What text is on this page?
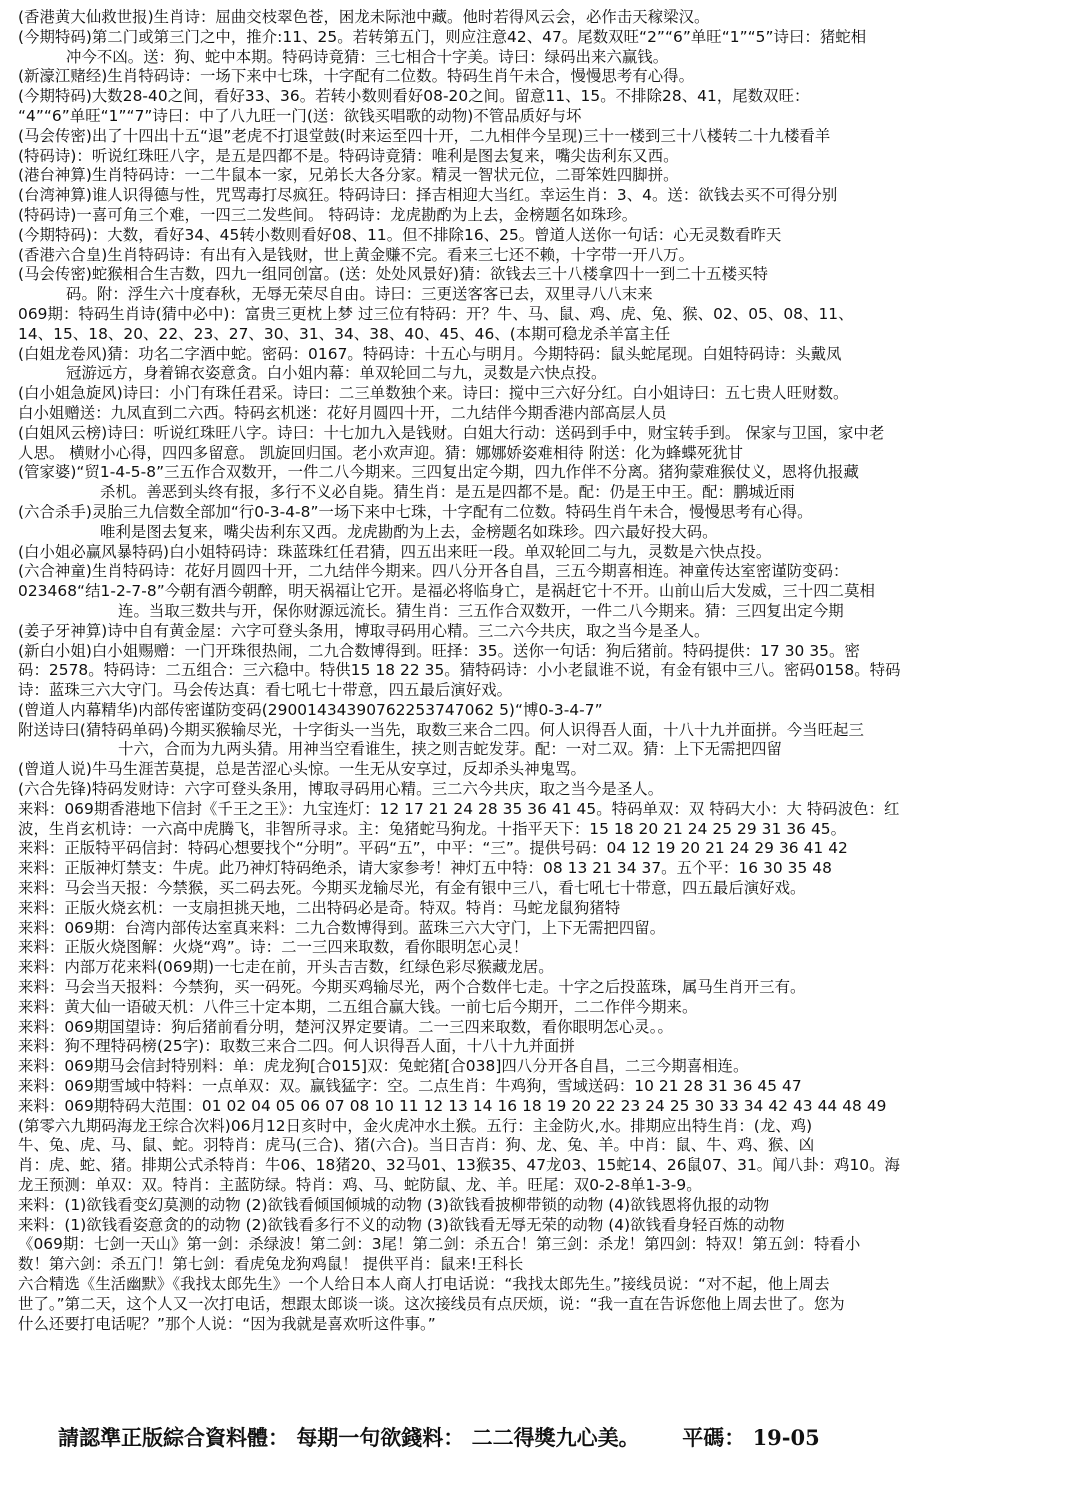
(香港黄大仙救世报)生肖诗：屈曲交枝翠色苍，困龙未际池中藏。他时若得风云会，必作击天稼梁汉。
(今期特码)第二门或第三门之中，推介:11、25。若转第五门，则应注意42、47。尾数双旺“2”“6”单旺“1”“5”诗曰：猪蛇相
冲今不凶。送：狗、蛇中本期。特码诗竟猜：三七相合十字美。诗曰：绿码出来六赢钱。
(新濠江赌经)生肖特码诗：一场下来中七珠，十字配有二位数。特码生肖午未合，慢慢思考有心得。
(今期特码)大数28-40之间，看好33、36。若转小数则看好08-20之间。留意11、15。不排除28、41，尾数双旺：
“4”“6”单旺“1”“7”诗曰：中了八九旺一门(送：欲钱买唱歌的动物)不管品质好与坏
(马会传密)出了十四出十五“退”老虎不打退堂鼓(时来运至四十开，二九相伴今呈现)三十一楼到三十八楼转二十九楼看羊
(特码诗)：听说红珠旺八字，是五是四都不是。特码诗竟猜：唯利是图去复来，嘴尖齿利东又西。
(港台神算)生肖特码诗：一二牛鼠本一家，兄弟长大各分家。精灵一智状元位，二哥笨姓四脚拼。
(台湾神算)谁人识得德与性，咒骂毒打尽疯狂。特码诗曰：择吉相迎大当红。幸运生肖：3、4。送：欲钱去买不可得分别
(特码诗)一喜可角三个难，一四三二发些间。 特码诗：龙虎勘酌为上去，金榜题名如珠珍。
(今期特码)：大数，看好34、45转小数则看好08、11。但不排除16、25。曾道人送你一句话：心无灵数看昨天
(香港六合皇)生肖特码诗：有出有入是钱财，世上黄金赚不完。看来三七还不赖，十字带一开八万。
(马会传密)蛇猴相合生吉数，四九一组同创富。(送：处处风景好)猜：欲钱去三十八楼拿四十一到二十五楼买特
码。附：浮生六十度春秋，无辱无荣尽自由。诗曰：三更送客客已去，双里寻八八末来
069期：特码生肖诗(猜中必中)：富贵三更枕上梦 过三位有特码：开？牛、马、鼠、鸡、虎、兔、猴、02、05、08、11、
14、15、18、20、22、23、27、30、31、34、38、40、45、46、(本期可稳龙杀羊富主任
(白姐龙卷风)猜：功名二字酒中蛇。密码：0167。特码诗：十五心与明月。今期特码：鼠头蛇尾现。白姐特码诗：头戴凤
冠游远方，身着锦衣姿意贪。白小姐内幕：单双轮回二与九，灵数是六快点投。
(白小姐急旋风)诗曰：小门有珠任君采。诗曰：二三单数独个来。诗曰：搅中三六好分红。白小姐诗曰：五七贵人旺财数。
白小姐赠送：九凤直到二六西。特码玄机迷：花好月圆四十开，二九结伴今期香港内部高层人员
(白姐风云榜)诗曰：听说红珠旺八字。诗曰：十七加九入是钱财。白姐大行动：送码到手中，财宝转手到。 保家与卫国，家中老
人思。 横财小心得，四四多留意。 凯旋回归国。老小欢声迎。猜：娜娜娇姿难相待 附送：化为蜂蝶死犹甘
(管家婆)“贸1-4-5-8”三五作合双数开，一件二八今期来。三四复出定今期，四九作伴不分离。猪狗蒙难猴仗义，恩将仇报藏
杀机。善恶到头终有报，多行不义必自毙。猜生肖：是五是四都不是。配：仍是王中王。配：鹏城近雨
(六合杀手)灵胎三九信数全部加“行0-3-4-8”一场下来中七珠，十字配有二位数。特码生肖午未合，慢慢思考有心得。
唯利是图去复来，嘴尖齿利东又西。龙虎勘酌为上去，金榜题名如珠珍。四六最好投大码。
(白小姐必赢风暴特码)白小姐特码诗：珠蓝珠红任君猜，四五出来旺一段。单双轮回二与九，灵数是六快点投。
(六合神童)生肖特码诗：花好月圆四十开，二九结伴今期来。四八分开各自昌，三五今期喜相连。神童传达室密谨防变码：
023468“结1-2-7-8”今朝有酒今朝醉，明天祸福让它开。是福必将临身亡，是祸赶它十不开。山前山后大发威，三十四二莫相
连。当取三数共与开，保你财源远流长。猜生肖：三五作合双数开，一件二八今期来。猜：三四复出定今期
(姜子牙神算)诗中自有黄金屋：六字可登头条用，博取寻码用心精。三二六今共庆，取之当今是圣人。
(新白小姐)白小姐赐赠：一门开珠很热闹，二九合数博得到。旺择：35。送你一句话：狗后猪前。特码提供：17 30 35。密
码：2578。特码诗：二五组合：三六稳中。特供15 18 22 35。猜特码诗：小小老鼠谁不说，有金有银中三八。密码0158。特码
诗：蓝珠三六大守门。马会传达真：看七吼七十带意，四五最后演好戏。
(曾道人内幕精华)内部传密谨防变码(29001434390762253747062 5)“博0-3-4-7”
附送诗曰(猜特码单码)今期买猴输尽光，十字街头一当先，取数三来合二四。何人识得吾人面，十八十九并面拼。今当旺起三
十六，合而为九两头猜。用神当空看谁生，挟之则吉蛇发芽。配：一对二双。猜：上下无需把四留
(曾道人说)牛马生涯苦莫提，总是苦涩心头惊。一生无从安享过，反却杀头神鬼骂。
(六合先锋)特码发财诗：六字可登头条用，博取寻码用心精。三二六今共庆，取之当今是圣人。
来料：069期香港地下信封《千王之王》：九宝连灯：12 17 21 24 28 35 36 41 45。特码单双：双 特码大小：大 特码波色：红
波，生肖玄机诗：一六高中虎腾飞，非智所寻求。主：兔猪蛇马狗龙。十指平天下：15 18 20 21 24 25 29 31 36 45。
来料：正版特平码信封：特码心想要找个“分明”。平码“五”，中平：“三”。提供号码：04 12 19 20 21 24 29 36 41 42
来料：正版神灯禁支：牛虎。此乃神灯特码绝杀，请大家参考！神灯五中特：08 13 21 34 37。五个平：16 30 35 48
来料：马会当天报：今禁猴，买二码去死。今期买龙输尽光，有金有银中三八，看七吼七十带意，四五最后演好戏。
来料：正版火烧玄机：一支扇担挑天地，二出特码必是奇。特双。特肖：马蛇龙鼠狗猪特
来料：069期：台湾内部传达室真来料：二九合数博得到。蓝珠三六大守门，上下无需把四留。
来料：正版火烧图解：火烧“鸡”。诗：二一三四来取数，看你眼明怎心灵！
来料：内部万花来料(069期)一七走在前，开头吉吉数，红绿色彩尽猴藏龙居。
来料：马会当天报料：今禁狗，买一码死。今期买鸡输尽光，两个合数伴七走。十字之后投蓝珠，属马生肖开三有。
来料：黄大仙一语破天机：八件三十定本期，二五组合赢大钱。一前七后今期开，二二作伴今期来。
来料：069期国望诗：狗后猪前看分明，楚河汉界定要请。二一三四来取数，看你眼明怎心灵。。
来料：狗不理特码榜(25字)：取数三来合二四。何人识得吾人面，十八十九并面拼
来料：069期马会信封特别料：单：虎龙狗[合015]双：兔蛇猪[合038]四八分开各自昌，二三今期喜相连。
来料：069期雪域中特料：一点单双：双。赢钱猛字：空。二点生肖：牛鸡狗，雪域送码：10 21 28 31 36 45 47
来料：069期特码大范围：01 02 04 05 06 07 08 10 11 12 13 14 16 18 19 20 22 23 24 25 30 33 34 42 43 44 48 49
(第零六九期码海龙王综合次料)06月12日亥时中，金火虎冲水土猴。五行：主金防火,水。排期应出特生肖：(龙、鸡)
牛、兔、虎、马、鼠、蛇。羽特肖：虎马(三合)、猪(六合)。当日吉肖：狗、龙、兔、羊。中肖：鼠、牛、鸡、猴、凶
肖：虎、蛇、猪。排期公式杀特肖：牛06、18猪20、32马01、13猴35、47龙03、15蛇14、26鼠07、31。闻八卦：鸡10。海
龙王预测：单双：双。特肖：主蓝防绿。特肖：鸡、马、蛇防鼠、龙、羊。旺尾：双0-2-8单1-3-9。
来料：(1)欲钱看变幻莫测的动物 (2)欲钱看倾国倾城的动物 (3)欲钱看披柳带锁的动物 (4)欲钱恩将仇报的动物
来料：(1)欲钱看姿意贪的的动物 (2)欲钱看多行不义的动物 (3)欲钱看无辱无荣的动物 (4)欲钱看身轻百炼的动物
《069期：七剑一天山》第一剑：杀绿波！第二剑：3尾！第二剑：杀五合！第三剑：杀龙！第四剑：特双！第五剑：特看小
数！第六剑：杀五门！第七剑：看虎兔龙狗鸡鼠！ 提供平肖：鼠来!王科长
六合精选《生活幽默》《我找太郎先生》一个人给日本人商人打电话说：“我找太郎先生。”接线员说：“对不起，他上周去
世了。”第二天，这个人又一次打电话，想跟太郎谈一谈。这次接线员有点厌烦，说：“我一直在告诉您他上周去世了。您为
什么还要打电话呢？”那个人说：“因为我就是喜欢听这件事。”
請認準正版綜合資料體： 每期一句欲錢料： 二二得獎九心美。 平碼： 19-05
